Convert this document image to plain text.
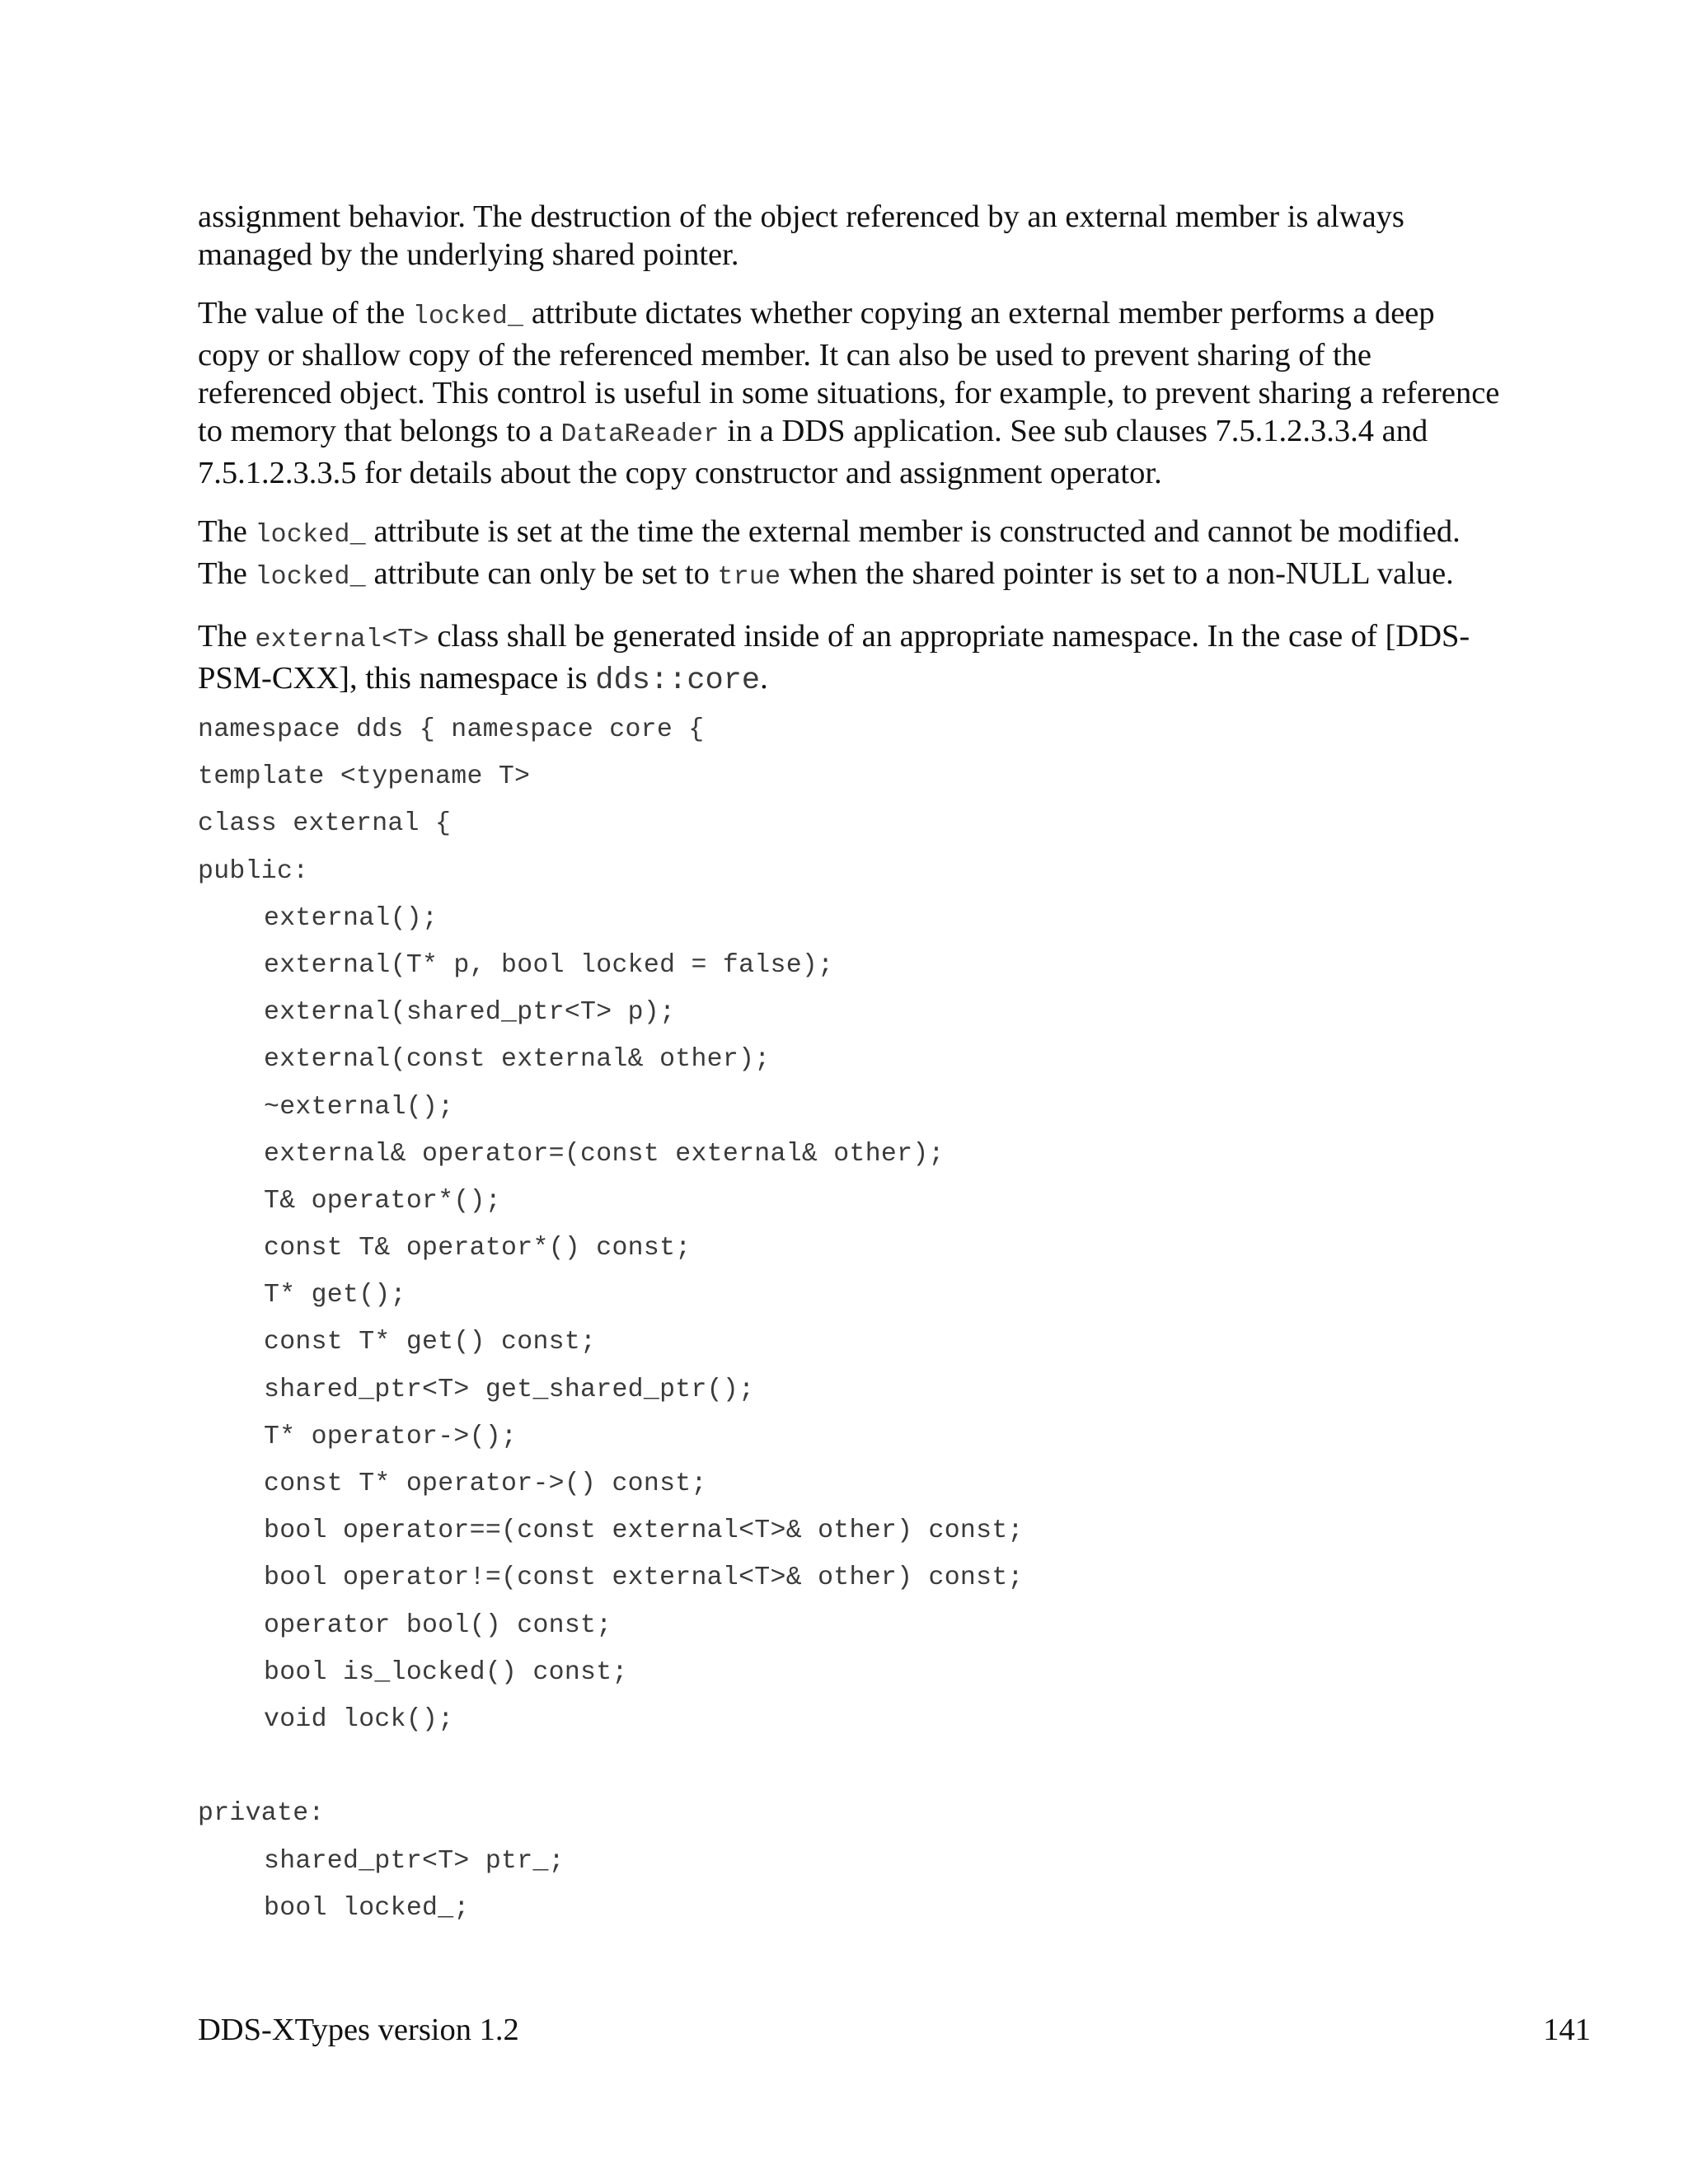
assignment behavior. The destruction of the object referenced by an external member is always managed by the underlying shared pointer.

The value of the locked_ attribute dictates whether copying an external member performs a deep copy or shallow copy of the referenced member. It can also be used to prevent sharing of the referenced object. This control is useful in some situations, for example, to prevent sharing a reference to memory that belongs to a DataReader in a DDS application. See sub clauses 7.5.1.2.3.3.4 and 7.5.1.2.3.3.5 for details about the copy constructor and assignment operator.

The locked_ attribute is set at the time the external member is constructed and cannot be modified. The locked_ attribute can only be set to true when the shared pointer is set to a non-NULL value.

The external<T> class shall be generated inside of an appropriate namespace. In the case of [DDS-PSM-CXX], this namespace is dds::core.

namespace dds { namespace core {
template <typename T>
class external {
public:
external();
external(T* p, bool locked = false);
external(shared_ptr<T> p);
external(const external& other);
~external();
external& operator=(const external& other);
T& operator*();
const T& operator*() const;
T* get();
const T* get() const;
shared_ptr<T> get_shared_ptr();
T* operator->();
const T* operator->() const;
bool operator==(const external<T>& other) const;
bool operator!=(const external<T>& other) const;
operator bool() const;
bool is_locked() const;
void lock();
private:
shared_ptr<T> ptr_;
bool locked_;
DDS-XTypes version 1.2	141
